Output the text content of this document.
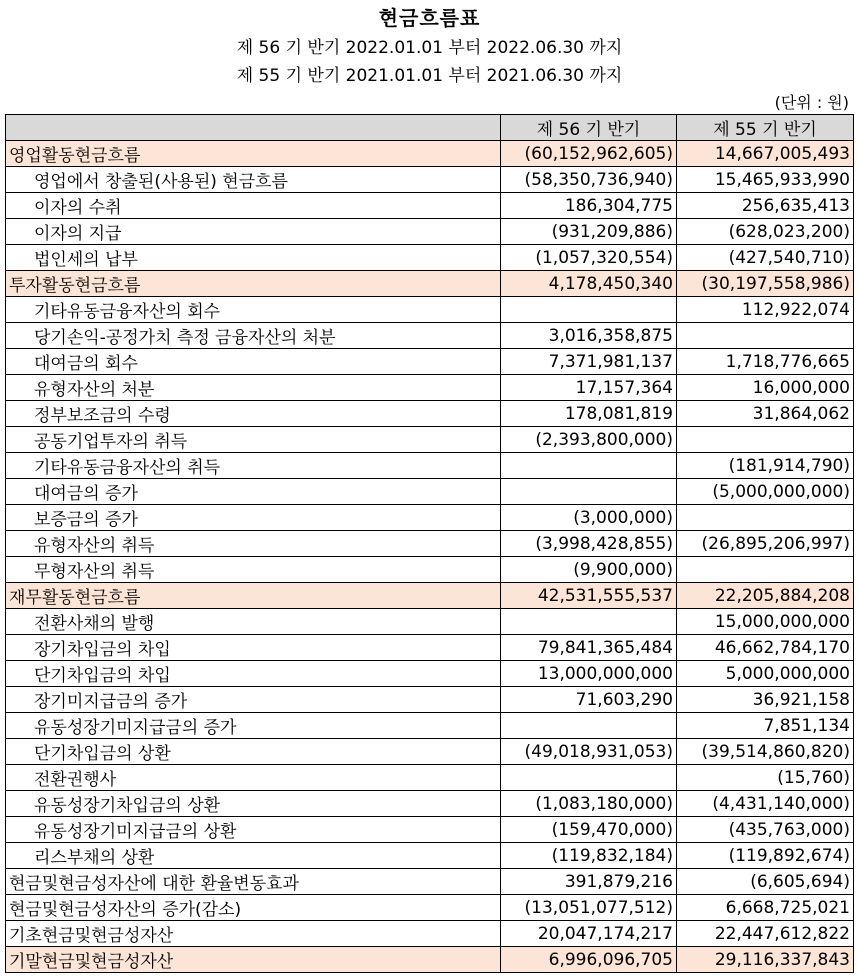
현금흐름표
제 56 기 반기 2022.01.01 부터 2022.06.30 까지
제 55 기 반기 2021.01.01 부터 2021.06.30 까지
(단위 : 원)
	제 56 기 반기	제 55 기 반기
영업활동현금흐름	(60,152,962,605)	14,667,005,493
영업에서 창출된(사용된) 현금흐름	(58,350,736,940)	15,465,933,990
이자의 수취	186,304,775	256,635,413
이자의 지급	(931,209,886)	(628,023,200)
법인세의 납부	(1,057,320,554)	(427,540,710)
투자활동현금흐름	4,178,450,340	(30,197,558,986)
기타유동금융자산의 회수		112,922,074
당기손익-공정가치 측정 금융자산의 처분	3,016,358,875	
대여금의 회수	7,371,981,137	1,718,776,665
유형자산의 처분	17,157,364	16,000,000
정부보조금의 수령	178,081,819	31,864,062
공동기업투자의 취득	(2,393,800,000)	
기타유동금융자산의 취득		(181,914,790)
대여금의 증가		(5,000,000,000)
보증금의 증가	(3,000,000)	
유형자산의 취득	(3,998,428,855)	(26,895,206,997)
무형자산의 취득	(9,900,000)	
재무활동현금흐름	42,531,555,537	22,205,884,208
전환사채의 발행		15,000,000,000
장기차입금의 차입	79,841,365,484	46,662,784,170
단기차입금의 차입	13,000,000,000	5,000,000,000
장기미지급금의 증가	71,603,290	36,921,158
유동성장기미지급금의 증가		7,851,134
단기차입금의 상환	(49,018,931,053)	(39,514,860,820)
전환권행사		(15,760)
유동성장기차입금의 상환	(1,083,180,000)	(4,431,140,000)
유동성장기미지급금의 상환	(159,470,000)	(435,763,000)
리스부채의 상환	(119,832,184)	(119,892,674)
현금및현금성자산에 대한 환율변동효과	391,879,216	(6,605,694)
현금및현금성자산의 증가(감소)	(13,051,077,512)	6,668,725,021
기초현금및현금성자산	20,047,174,217	22,447,612,822
기말현금및현금성자산	6,996,096,705	29,116,337,843
